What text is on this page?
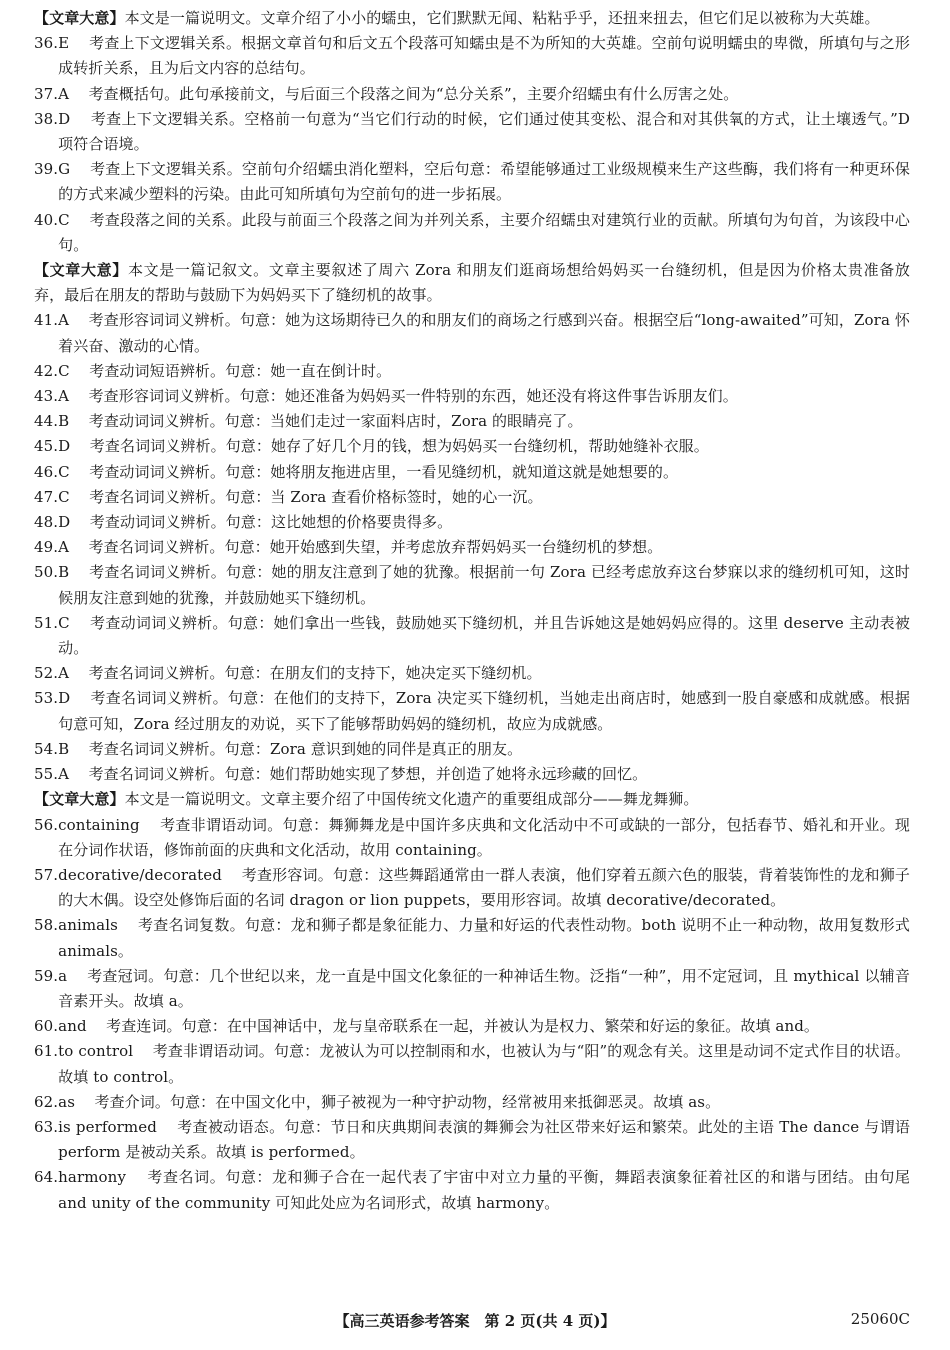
【文章大意】本文是一篇说明文。文章介绍了小小的蠕虫，它们默默无闻、粘粘乎乎，还扭来扭去，但它们足以被称为大英雄。
36. E 考查上下文逻辑关系。根据文章首句和后文五个段落可知蠕虫是不为所知的大英雄。空前句说明蠕虫的卑微，所填句与之形成转折关系，且为后文内容的总结句。
37. A 考查概括句。此句承接前文，与后面三个段落之间为“总分关系”，主要介绍蠕虫有什么厉害之处。
38. D 考查上下文逻辑关系。空格前一句意为“当它们行动的时候，它们通过使其变松、混合和对其供氧的方式，让土壤透气。”D 项符合语境。
39. G 考查上下文逻辑关系。空前句介绍蠕虫消化塑料，空后句意：希望能够通过工业级规模来生产这些酶，我们将有一种更环保的方式来减少塑料的污染。由此可知所填句为空前句的进一步拓展。
40. C 考查段落之间的关系。此段与前面三个段落之间为并列关系，主要介绍蠕虫对建筑行业的贡献。所填句为句首，为该段中心句。
【文章大意】本文是一篇记叙文。文章主要叙述了周六 Zora 和朋友们逛商场想给妈妈买一台缝纫机，但是因为价格太贵准备放弃，最后在朋友的帮助与鼓励下为妈妈买下了缝纫机的故事。
41. A 考查形容词词义辨析。句意：她为这场期待已久的和朋友们的商场之行感到兴奋。根据空后“long-awaited”可知，Zora 怀着兴奋、激动的心情。
42. C 考查动词短语辨析。句意：她一直在倒计时。
43. A 考查形容词词义辨析。句意：她还准备为妈妈买一件特别的东西，她还没有将这件事告诉朋友们。
44. B 考查动词词义辨析。句意：当她们走过一家面料店时，Zora 的眼睛亮了。
45. D 考查名词词义辨析。句意：她存了好几个月的钱，想为妈妈买一台缝纫机，帮助她缝补衣服。
46. C 考查动词词义辨析。句意：她将朋友拖进店里，一看见缝纫机，就知道这就是她想要的。
47. C 考查名词词义辨析。句意：当 Zora 查看价格标签时，她的心一沉。
48. D 考查动词词义辨析。句意：这比她想的价格要贵得多。
49. A 考查名词词义辨析。句意：她开始感到失望，并考虑放弃帮妈妈买一台缝纫机的梦想。
50. B 考查名词词义辨析。句意：她的朋友注意到了她的犹豫。根据前一句 Zora 已经考虑放弃这台梦寐以求的缝纫机可知，这时候朋友注意到她的犹豫，并鼓励她买下缝纫机。
51. C 考查动词词义辨析。句意：她们拿出一些钱，鼓励她买下缝纫机，并且告诉她这是她妈妈应得的。这里 deserve 主动表被动。
52. A 考查名词词义辨析。句意：在朋友们的支持下，她决定买下缝纫机。
53. D 考查名词词义辨析。句意：在他们的支持下，Zora 决定买下缝纫机，当她走出商店时，她感到一股自豪感和成就感。根据句意可知，Zora 经过朋友的劝说，买下了能够帮助妈妈的缝纫机，故应为成就感。
54. B 考查名词词义辨析。句意：Zora 意识到她的同伴是真正的朋友。
55. A 考查名词词义辨析。句意：她们帮助她实现了梦想，并创造了她将永远珍藏的回忆。
【文章大意】本文是一篇说明文。文章主要介绍了中国传统文化遗产的重要组成部分——舞龙舞狮。
56. containing 考查非谓语动词。句意：舞狮舞龙是中国许多庆典和文化活动中不可或缺的一部分，包括春节、婚礼和开业。现在分词作状语，修饰前面的庆典和文化活动，故用 containing。
57. decorative/decorated 考查形容词。句意：这些舞蹈通常由一群人表演，他们穿着五颜六色的服装，背着装饰性的龙和狮子的大木偶。设空处修饰后面的名词 dragon or lion puppets，要用形容词。故填 decorative/decorated。
58. animals 考查名词复数。句意：龙和狮子都是象征能力、力量和好运的代表性动物。both 说明不止一种动物，故用复数形式 animals。
59. a 考查冠词。句意：几个世纪以来，龙一直是中国文化象征的一种神话生物。泛指“一种”，用不定冠词，且 mythical 以辅音音素开头。故填 a。
60. and 考查连词。句意：在中国神话中，龙与皇帝联系在一起，并被认为是权力、繁荣和好运的象征。故填 and。
61. to control 考查非谓语动词。句意：龙被认为可以控制雨和水，也被认为与“阳”的观念有关。这里是动词不定式作目的状语。故填 to control。
62. as 考查介词。句意：在中国文化中，狮子被视为一种守护动物，经常被用来抵御恶灵。故填 as。
63. is performed 考查被动语态。句意：节日和庆典期间表演的舞狮会为社区带来好运和繁荣。此处的主语 The dance 与谓语 perform 是被动关系。故填 is performed。
64. harmony 考查名词。句意：龙和狮子合在一起代表了宇宙中对立力量的平衡，舞蹈表演象征着社区的和谐与团结。由句尾 and unity of the community 可知此处应为名词形式，故填 harmony。
【高三英语参考答案　第 2 页(共 4 页)】	25060C
